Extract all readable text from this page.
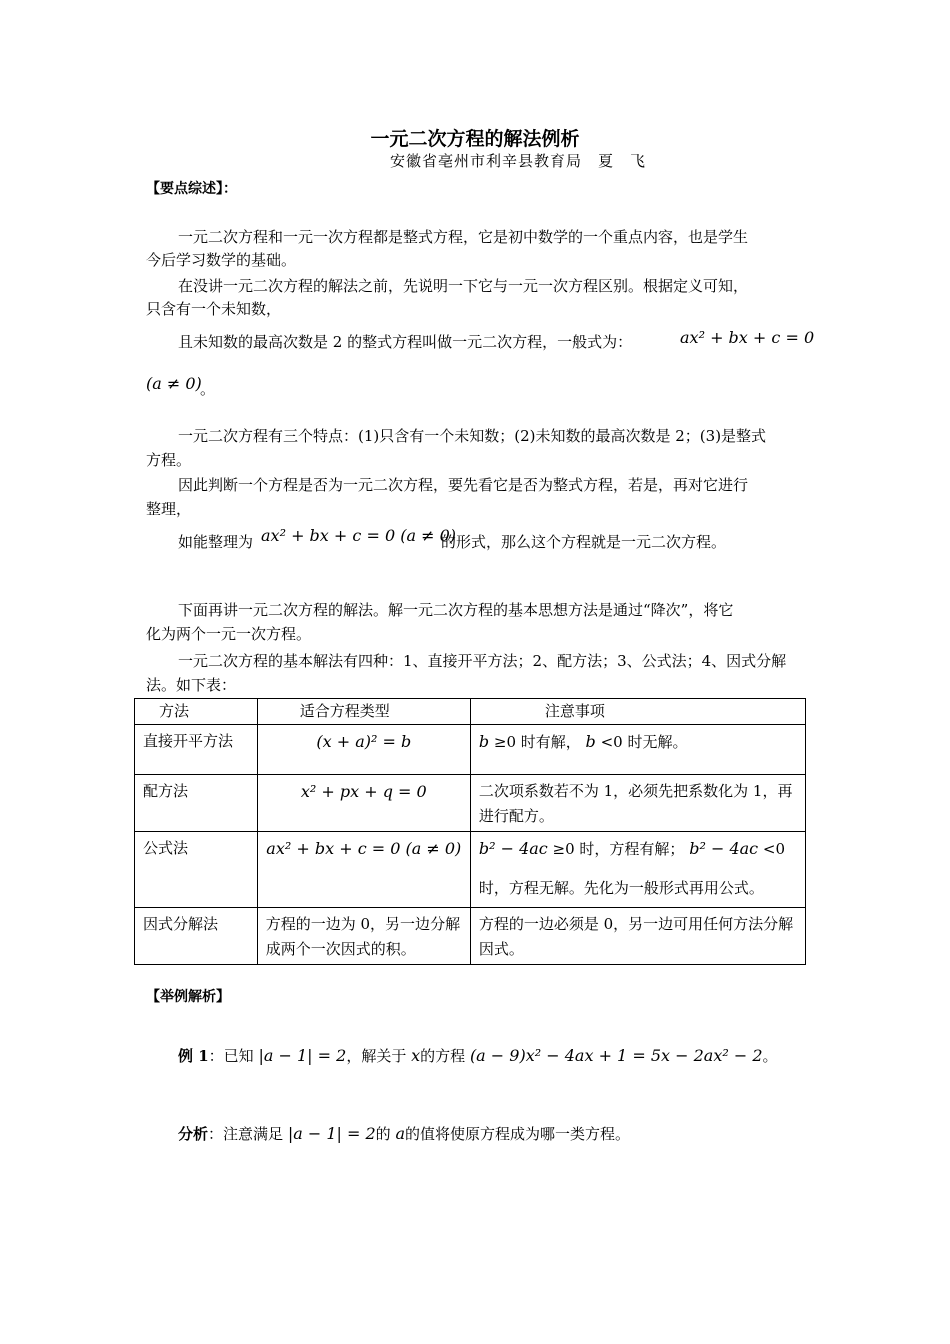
一元二次方程的解法例析
安徽省亳州市利辛县教育局　夏　飞
【要点综述】：
一元二次方程和一元一次方程都是整式方程，它是初中数学的一个重点内容，也是学生
今后学习数学的基础。
在没讲一元二次方程的解法之前，先说明一下它与一元一次方程区别。根据定义可知，
只含有一个未知数，
且未知数的最高次数是 2 的整式方程叫做一元二次方程，一般式为：	ax² + bx + c = 0
(a ≠ 0)
。
一元二次方程有三个特点：(1)只含有一个未知数；(2)未知数的最高次数是 2；(3)是整式
方程。
因此判断一个方程是否为一元二次方程，要先看它是否为整式方程，若是，再对它进行
整理，
如能整理为 ax² + bx + c = 0 (a ≠ 0)
的形式，那么这个方程就是一元二次方程。
下面再讲一元二次方程的解法。解一元二次方程的基本思想方法是通过“降次”，将它
化为两个一元一次方程。
一元二次方程的基本解法有四种：1、直接开平方法；2、配方法；3、公式法；4、因式分解
法。如下表：
方法	适合方程类型	注意事项
直接开平方法	(x + a)² = b	b ≥0 时有解， b <0 时无解。
配方法	x² + px + q = 0	二次项系数若不为 1，必须先把系数化为 1，再进行配方。
公式法	ax² + bx + c = 0 (a ≠ 0)	b² − 4ac ≥0 时，方程有解； b² − 4ac <0
时，方程无解。先化为一般形式再用公式。

因式分解法	方程的一边为 0，另一边分解成两个一次因式的积。	方程的一边必须是 0，另一边可用任何方法分解因式。
【举例解析】
例 1：已知 |a − 1| = 2，解关于 x的方程 (a − 9)x² − 4ax + 1 = 5x − 2ax² − 2。
分析：注意满足 |a − 1| = 2的 a的值将使原方程成为哪一类方程。
